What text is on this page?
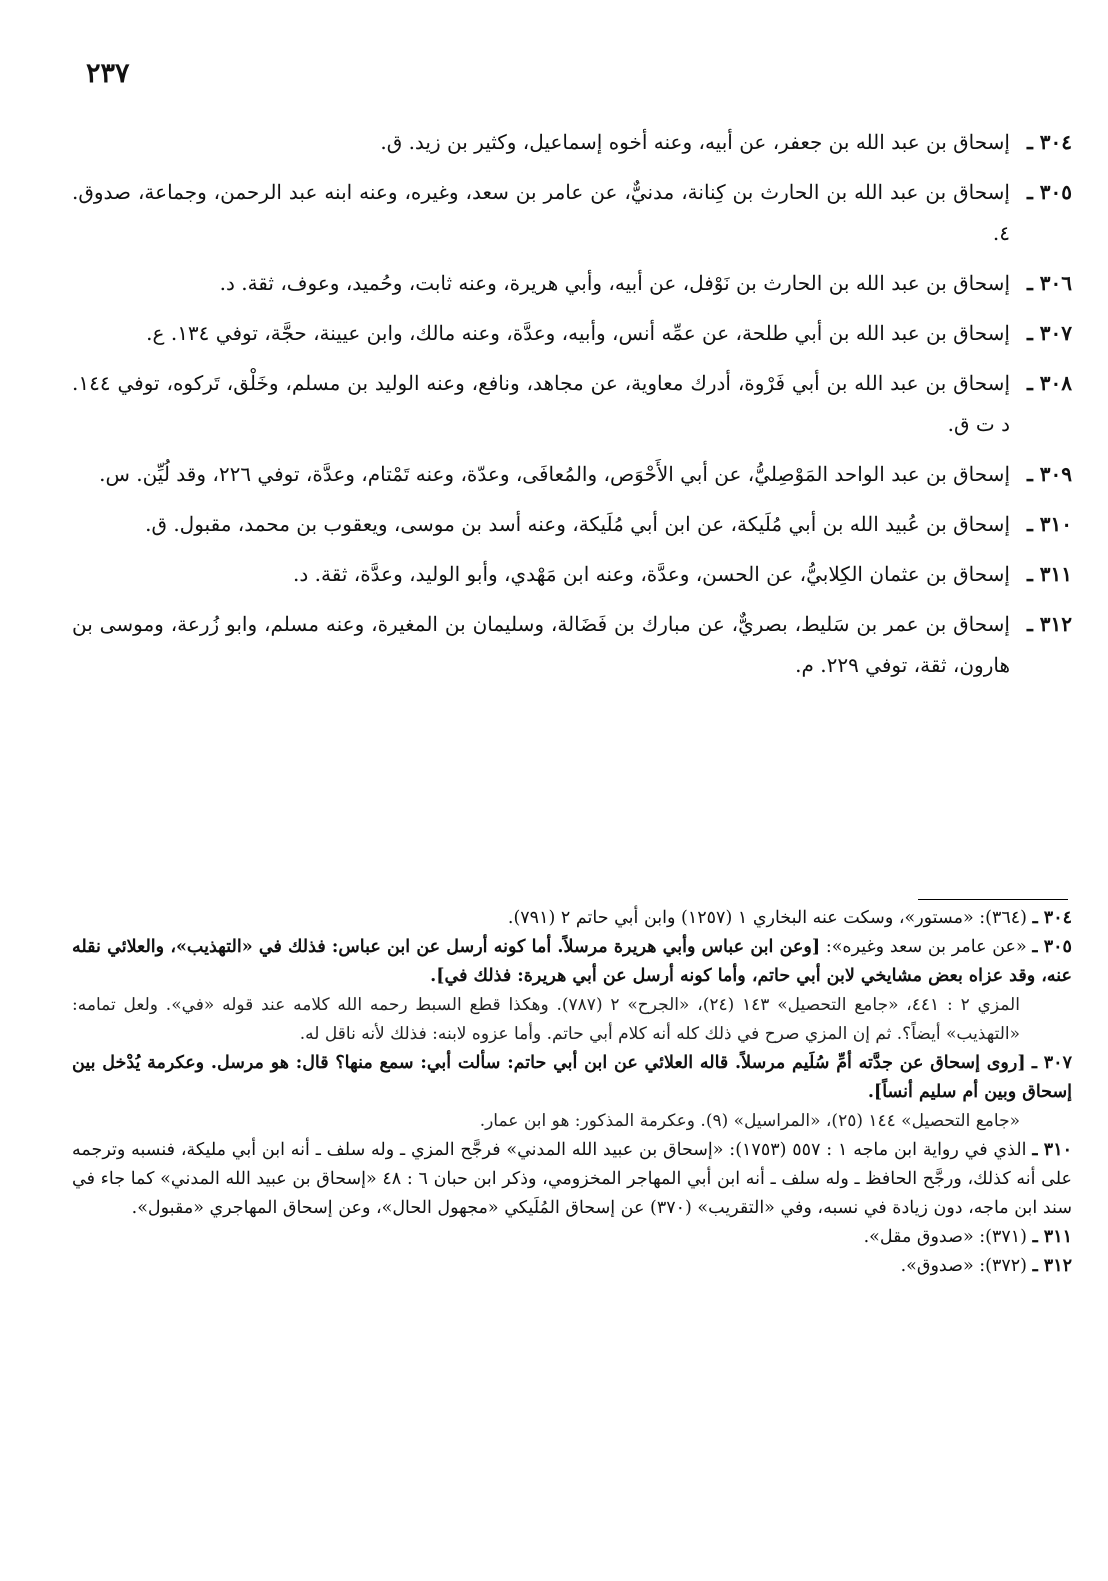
٢٣٧
٣٠٤ ـ
إسحاق بن عبد الله بن جعفر، عن أبيه، وعنه أخوه إسماعيل، وكثير بن زيد. ق.
٣٠٥ ـ
إسحاق بن عبد الله بن الحارث بن كِنانة، مدنيٌّ، عن عامر بن سعد، وغيره، وعنه ابنه عبد الرحمن، وجماعة، صدوق. ٤.
٣٠٦ ـ
إسحاق بن عبد الله بن الحارث بن نَوْفل، عن أبيه، وأبي هريرة، وعنه ثابت، وحُميد، وعوف، ثقة. د.
٣٠٧ ـ
إسحاق بن عبد الله بن أبي طلحة، عن عمِّه أنس، وأبيه، وعدَّة، وعنه مالك، وابن عيينة، حجَّة، توفي ١٣٤. ع.
٣٠٨ ـ
إسحاق بن عبد الله بن أبي فَرْوة، أدرك معاوية، عن مجاهد، ونافع، وعنه الوليد بن مسلم، وخَلْق، تَركوه، توفي ١٤٤. د ت ق.
٣٠٩ ـ
إسحاق بن عبد الواحد المَوْصِليُّ، عن أبي الأَحْوَص، والمُعافَى، وعدّة، وعنه تَمْتام، وعدَّة، توفي ٢٢٦، وقد لُيِّن. س.
٣١٠ ـ
إسحاق بن عُبيد الله بن أبي مُلَيكة، عن ابن أبي مُلَيكة، وعنه أسد بن موسى، ويعقوب بن محمد، مقبول. ق.
٣١١ ـ
إسحاق بن عثمان الكِلابيُّ، عن الحسن، وعدَّة، وعنه ابن مَهْدي، وأبو الوليد، وعدَّة، ثقة. د.
٣١٢ ـ
إسحاق بن عمر بن سَليط، بصريٌّ، عن مبارك بن فَضَالة، وسليمان بن المغيرة، وعنه مسلم، وابو زُرعة، وموسى بن هارون، ثقة، توفي ٢٢٩. م.
٣٠٤ ـ (٣٦٤): «مستور»، وسكت عنه البخاري ١ (١٢٥٧) وابن أبي حاتم ٢ (٧٩١).
٣٠٥ ـ «عن عامر بن سعد وغيره»: [وعن ابن عباس وأبي هريرة مرسلاً. أما كونه أرسل عن ابن عباس: فذلك في «التهذيب»، والعلائي نقله عنه، وقد عزاه بعض مشايخي لابن أبي حاتم، وأما كونه أرسل عن أبي هريرة: فذلك في].
المزي ٢ : ٤٤١، «جامع التحصيل» ١٤٣ (٢٤)، «الجرح» ٢ (٧٨٧). وهكذا قطع السبط رحمه الله كلامه عند قوله «في». ولعل تمامه: «التهذيب» أيضاً؟. ثم إن المزي صرح في ذلك كله أنه كلام أبي حاتم. وأما عزوه لابنه: فذلك لأنه ناقل له.
٣٠٧ ـ [روى إسحاق عن جدَّته أمِّ سُلَيم مرسلاً. قاله العلائي عن ابن أبي حاتم: سألت أبي: سمع منها؟ قال: هو مرسل. وعكرمة يُدْخل بين إسحاق وبين أم سليم أنساً].
«جامع التحصيل» ١٤٤ (٢٥)، «المراسيل» (٩). وعكرمة المذكور: هو ابن عمار.
٣١٠ ـ الذي في رواية ابن ماجه ١ : ٥٥٧ (١٧٥٣): «إسحاق بن عبيد الله المدني» فرجَّح المزي ـ وله سلف ـ أنه ابن أبي مليكة، فنسبه وترجمه على أنه كذلك، ورجَّح الحافظ ـ وله سلف ـ أنه ابن أبي المهاجر المخزومي، وذكر ابن حبان ٦ : ٤٨ «إسحاق بن عبيد الله المدني» كما جاء في سند ابن ماجه، دون زيادة في نسبه، وفي «التقريب» (٣٧٠) عن إسحاق المُلَيكي «مجهول الحال»، وعن إسحاق المهاجري «مقبول».
٣١١ ـ (٣٧١): «صدوق مقل».
٣١٢ ـ (٣٧٢): «صدوق».
